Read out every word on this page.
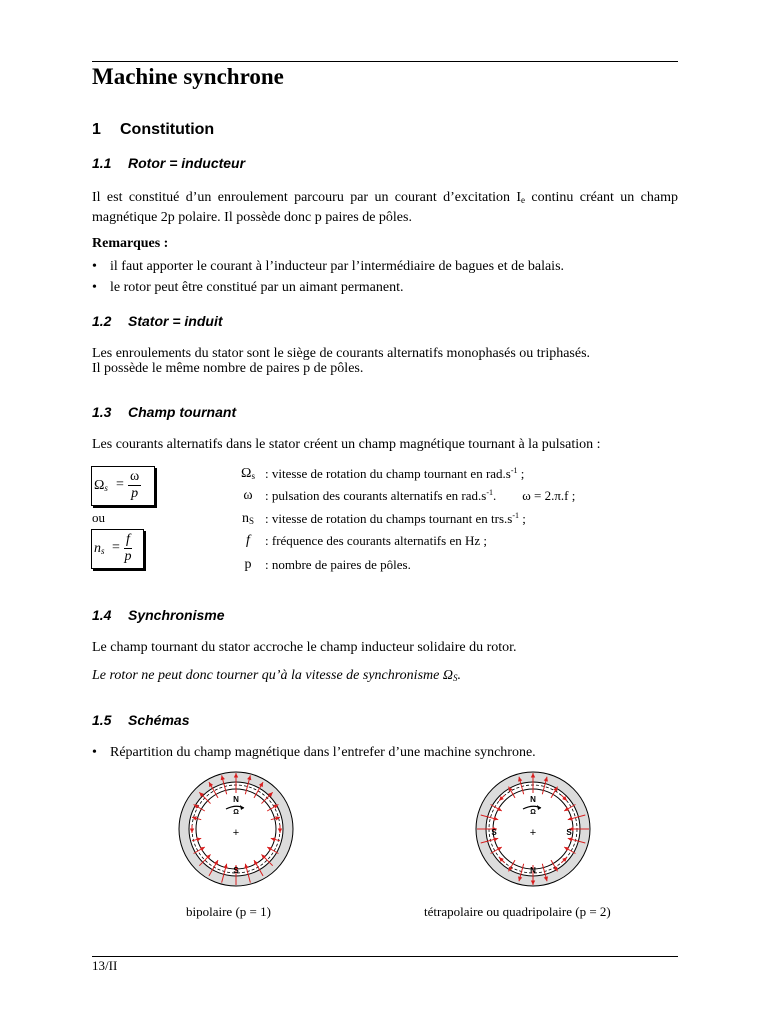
Machine synchrone
1 Constitution
1.1 Rotor = inducteur

Il est constitué d’un enroulement parcouru par un courant d’excitation $I_e$ continu créant un champ magnétique 2p polaire. Il possède donc p paires de pôles.

Remarques :
• il faut apporter le courant à l’inducteur par l’intermédiaire de bagues et de balais.
• le rotor peut être constitué par un aimant permanent.
1.2 Stator = induit
Les enroulements du stator sont le siège de courants alternatifs monophasés ou triphasés.
Il possède le même nombre de paires p de pôles.
1.3 Champ tournant
Les courants alternatifs dans le stator créent un champ magnétique tournant à la pulsation :
$\Omega_s = \frac{\omega}{p}$
ou
$n_s = \frac{f}{p}$
$\Omega_s$ : vitesse de rotation du champ tournant en $rad.s^{-1}$ ;
ω : pulsation des courants alternatifs en $rad.s^{-1}$.        ω = 2.π.f ;
$n_S$ : vitesse de rotation du champs tournant en $trs.s^{-1}$ ;
f	: fréquence des courants alternatifs en Hz ;
p	: nombre de paires de pôles.
1.4 Synchronisme
Le champ tournant du stator accroche le champ inducteur solidaire du rotor.
Le rotor ne peut donc tourner qu’à la vitesse de synchronisme $\Omega_S$.
1.5 Schémas
• Répartition du champ magnétique dans l’entrefer d’une machine synchrone.
N
Ω
+
S
bipolaire (p = 1)
N
Ω
S	+	S
N
tétrapolaire ou quadripolaire (p = 2)
13/II
